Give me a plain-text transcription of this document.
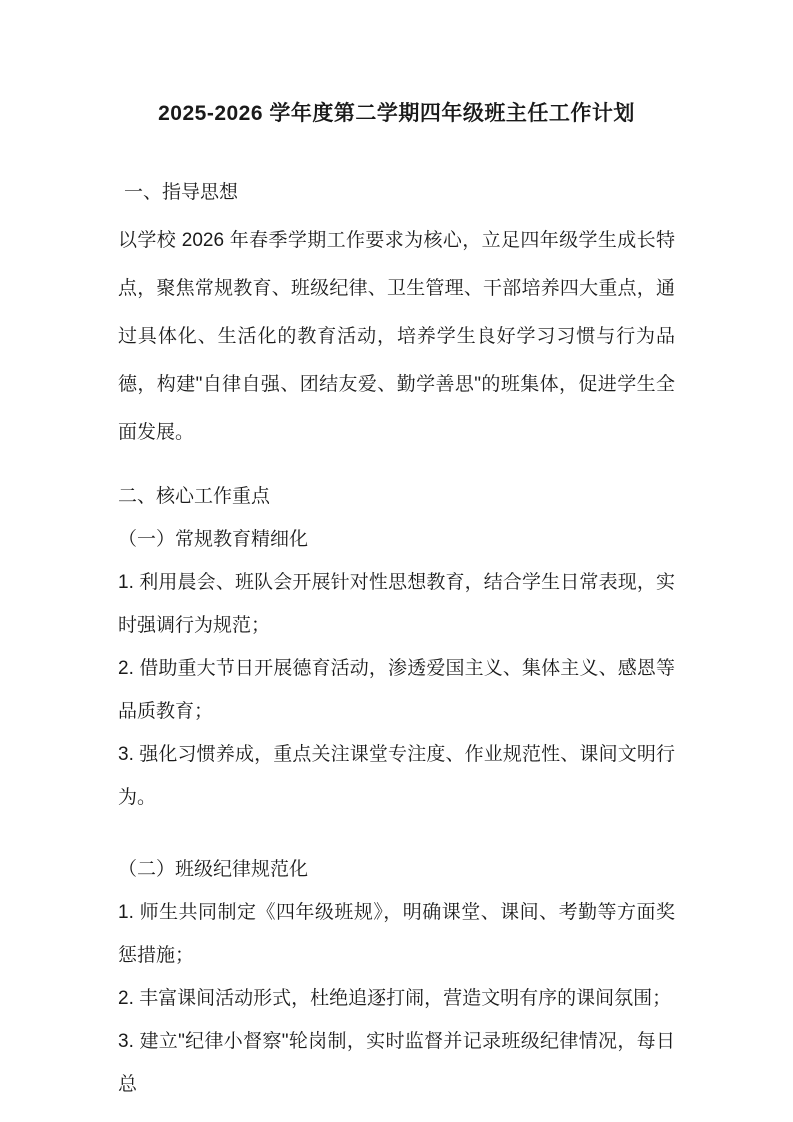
2025-2026 学年度第二学期四年级班主任工作计划

一、指导思想

以学校 2026 年春季学期工作要求为核心，立足四年级学生成长特点，聚焦常规教育、班级纪律、卫生管理、干部培养四大重点，通过具体化、生活化的教育活动，培养学生良好学习习惯与行为品德，构建"自律自强、团结友爱、勤学善思"的班集体，促进学生全面发展。

二、核心工作重点

（一）常规教育精细化

1. 利用晨会、班队会开展针对性思想教育，结合学生日常表现，实时强调行为规范；

2. 借助重大节日开展德育活动，渗透爱国主义、集体主义、感恩等品质教育；

3. 强化习惯养成，重点关注课堂专注度、作业规范性、课间文明行为。

（二）班级纪律规范化

1. 师生共同制定《四年级班规》，明确课堂、课间、考勤等方面奖惩措施；

2. 丰富课间活动形式，杜绝追逐打闹，营造文明有序的课间氛围；

3. 建立"纪律小督察"轮岗制，实时监督并记录班级纪律情况，每日总
